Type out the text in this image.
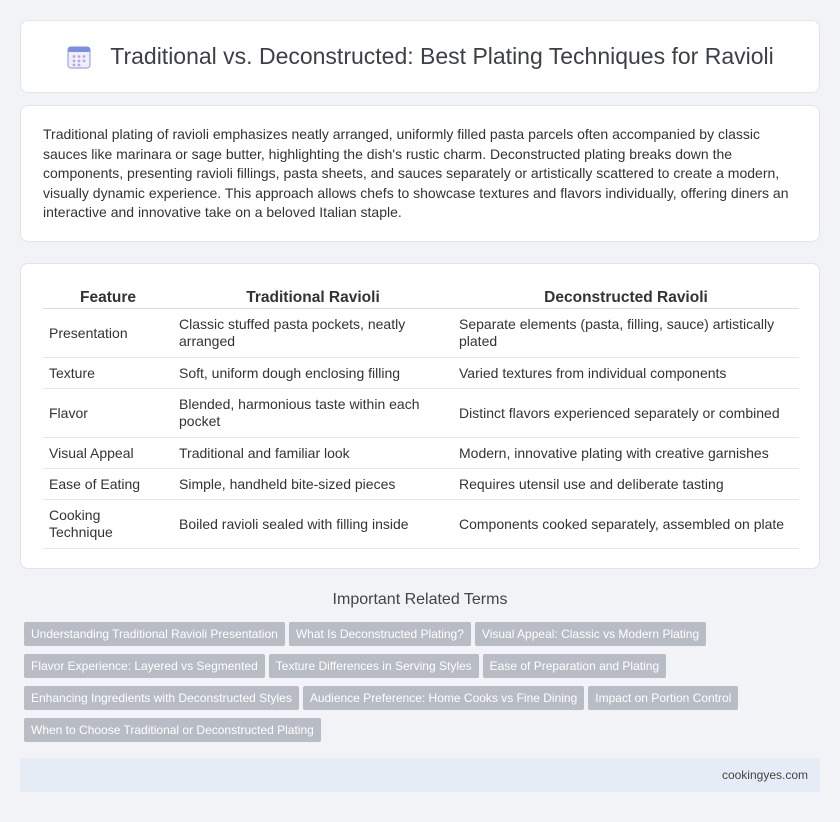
Traditional vs. Deconstructed: Best Plating Techniques for Ravioli

Traditional plating of ravioli emphasizes neatly arranged, uniformly filled pasta parcels often accompanied by classic sauces like marinara or sage butter, highlighting the dish's rustic charm. Deconstructed plating breaks down the components, presenting ravioli fillings, pasta sheets, and sauces separately or artistically scattered to create a modern, visually dynamic experience. This approach allows chefs to showcase textures and flavors individually, offering diners an interactive and innovative take on a beloved Italian staple.

Feature	Traditional Ravioli	Deconstructed Ravioli
Presentation	Classic stuffed pasta pockets, neatly arranged	Separate elements (pasta, filling, sauce) artistically plated
Texture	Soft, uniform dough enclosing filling	Varied textures from individual components
Flavor	Blended, harmonious taste within each pocket	Distinct flavors experienced separately or combined
Visual Appeal	Traditional and familiar look	Modern, innovative plating with creative garnishes
Ease of Eating	Simple, handheld bite-sized pieces	Requires utensil use and deliberate tasting
Cooking Technique	Boiled ravioli sealed with filling inside	Components cooked separately, assembled on plate
Important Related Terms
Understanding Traditional Ravioli Presentation What Is Deconstructed Plating? Visual Appeal: Classic vs Modern Plating Flavor Experience: Layered vs Segmented Texture Differences in Serving Styles Ease of Preparation and Plating Enhancing Ingredients with Deconstructed Styles Audience Preference: Home Cooks vs Fine Dining Impact on Portion Control When to Choose Traditional or Deconstructed Plating
cookingyes.com
